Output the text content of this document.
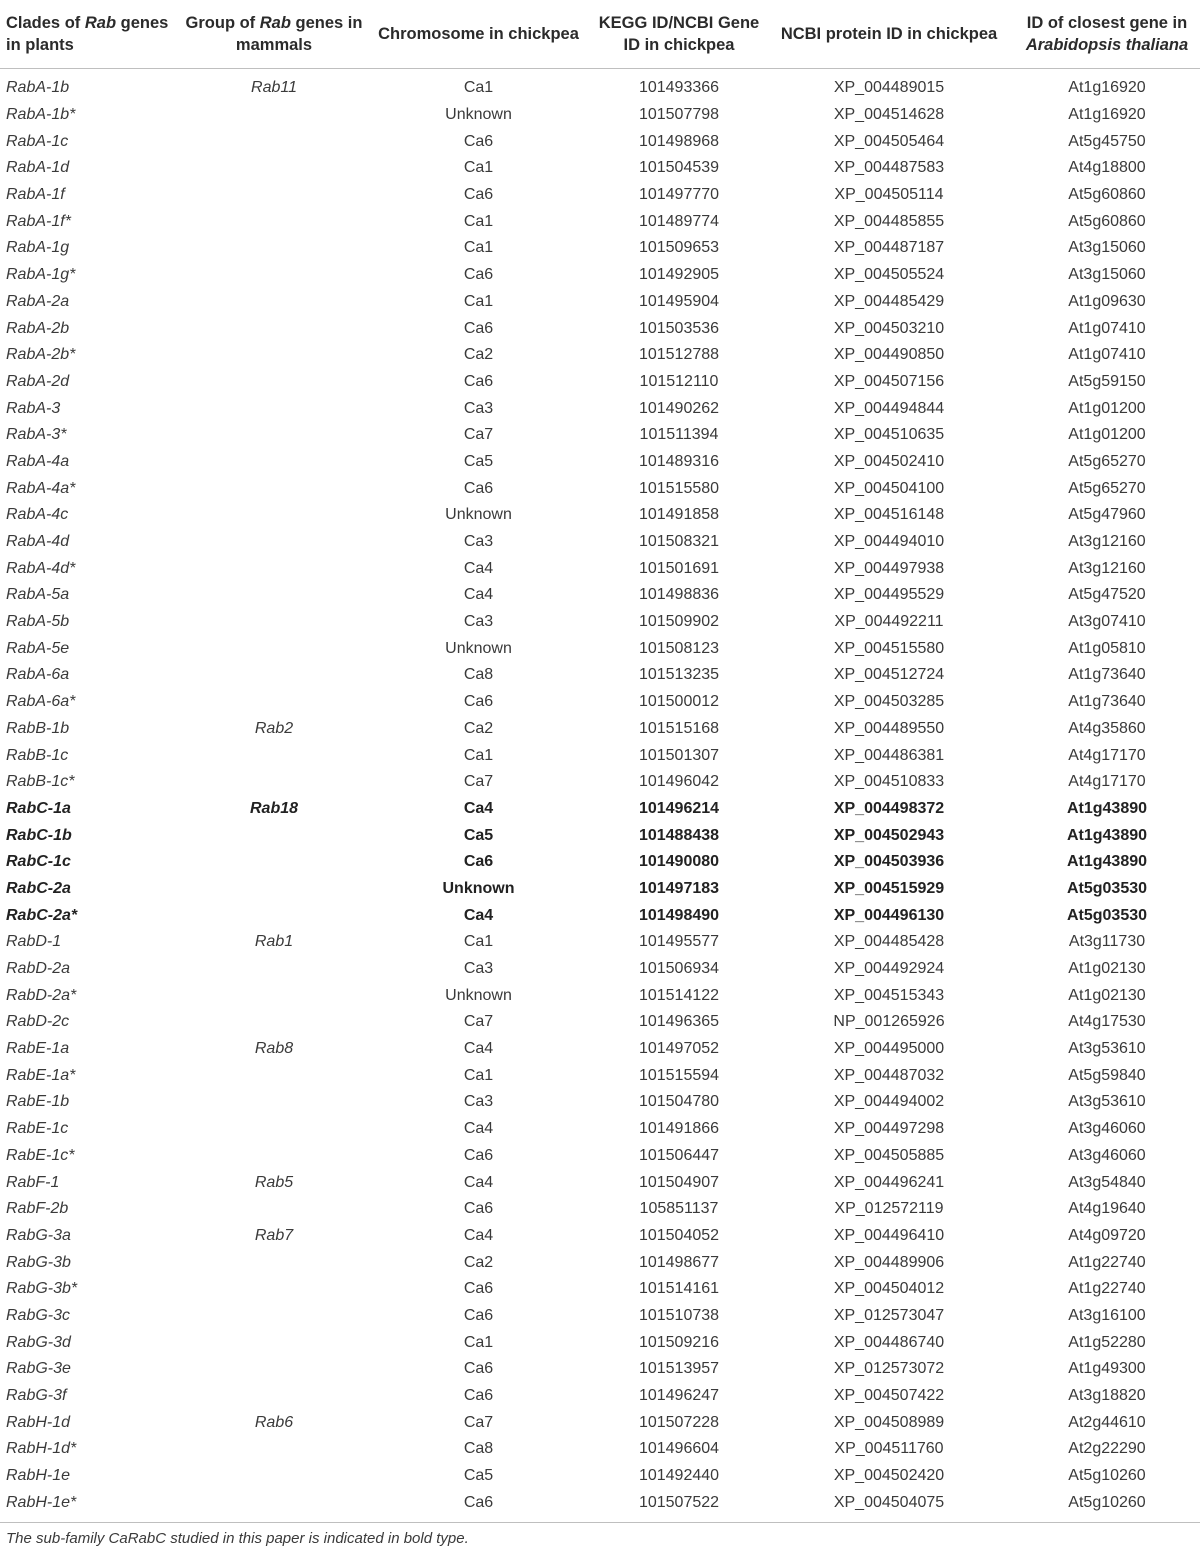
Clades of Rab genes in plants	Group of Rab genes in mammals	Chromosome in chickpea	KEGG ID/NCBI Gene ID in chickpea	NCBI protein ID in chickpea	ID of closest gene in Arabidopsis thaliana
RabA-1b	Rab11	Ca1	101493366	XP_004489015	At1g16920
RabA-1b*		Unknown	101507798	XP_004514628	At1g16920
RabA-1c		Ca6	101498968	XP_004505464	At5g45750
RabA-1d		Ca1	101504539	XP_004487583	At4g18800
RabA-1f		Ca6	101497770	XP_004505114	At5g60860
RabA-1f*		Ca1	101489774	XP_004485855	At5g60860
RabA-1g		Ca1	101509653	XP_004487187	At3g15060
RabA-1g*		Ca6	101492905	XP_004505524	At3g15060
RabA-2a		Ca1	101495904	XP_004485429	At1g09630
RabA-2b		Ca6	101503536	XP_004503210	At1g07410
RabA-2b*		Ca2	101512788	XP_004490850	At1g07410
RabA-2d		Ca6	101512110	XP_004507156	At5g59150
RabA-3		Ca3	101490262	XP_004494844	At1g01200
RabA-3*		Ca7	101511394	XP_004510635	At1g01200
RabA-4a		Ca5	101489316	XP_004502410	At5g65270
RabA-4a*		Ca6	101515580	XP_004504100	At5g65270
RabA-4c		Unknown	101491858	XP_004516148	At5g47960
RabA-4d		Ca3	101508321	XP_004494010	At3g12160
RabA-4d*		Ca4	101501691	XP_004497938	At3g12160
RabA-5a		Ca4	101498836	XP_004495529	At5g47520
RabA-5b		Ca3	101509902	XP_004492211	At3g07410
RabA-5e		Unknown	101508123	XP_004515580	At1g05810
RabA-6a		Ca8	101513235	XP_004512724	At1g73640
RabA-6a*		Ca6	101500012	XP_004503285	At1g73640
RabB-1b	Rab2	Ca2	101515168	XP_004489550	At4g35860
RabB-1c		Ca1	101501307	XP_004486381	At4g17170
RabB-1c*		Ca7	101496042	XP_004510833	At4g17170
RabC-1a	Rab18	Ca4	101496214	XP_004498372	At1g43890
RabC-1b		Ca5	101488438	XP_004502943	At1g43890
RabC-1c		Ca6	101490080	XP_004503936	At1g43890
RabC-2a		Unknown	101497183	XP_004515929	At5g03530
RabC-2a*		Ca4	101498490	XP_004496130	At5g03530
RabD-1	Rab1	Ca1	101495577	XP_004485428	At3g11730
RabD-2a		Ca3	101506934	XP_004492924	At1g02130
RabD-2a*		Unknown	101514122	XP_004515343	At1g02130
RabD-2c		Ca7	101496365	NP_001265926	At4g17530
RabE-1a	Rab8	Ca4	101497052	XP_004495000	At3g53610
RabE-1a*		Ca1	101515594	XP_004487032	At5g59840
RabE-1b		Ca3	101504780	XP_004494002	At3g53610
RabE-1c		Ca4	101491866	XP_004497298	At3g46060
RabE-1c*		Ca6	101506447	XP_004505885	At3g46060
RabF-1	Rab5	Ca4	101504907	XP_004496241	At3g54840
RabF-2b		Ca6	105851137	XP_012572119	At4g19640
RabG-3a	Rab7	Ca4	101504052	XP_004496410	At4g09720
RabG-3b		Ca2	101498677	XP_004489906	At1g22740
RabG-3b*		Ca6	101514161	XP_004504012	At1g22740
RabG-3c		Ca6	101510738	XP_012573047	At3g16100
RabG-3d		Ca1	101509216	XP_004486740	At1g52280
RabG-3e		Ca6	101513957	XP_012573072	At1g49300
RabG-3f		Ca6	101496247	XP_004507422	At3g18820
RabH-1d	Rab6	Ca7	101507228	XP_004508989	At2g44610
RabH-1d*		Ca8	101496604	XP_004511760	At2g22290
RabH-1e		Ca5	101492440	XP_004502420	At5g10260
RabH-1e*		Ca6	101507522	XP_004504075	At5g10260
The sub-family CaRabC studied in this paper is indicated in bold type.
